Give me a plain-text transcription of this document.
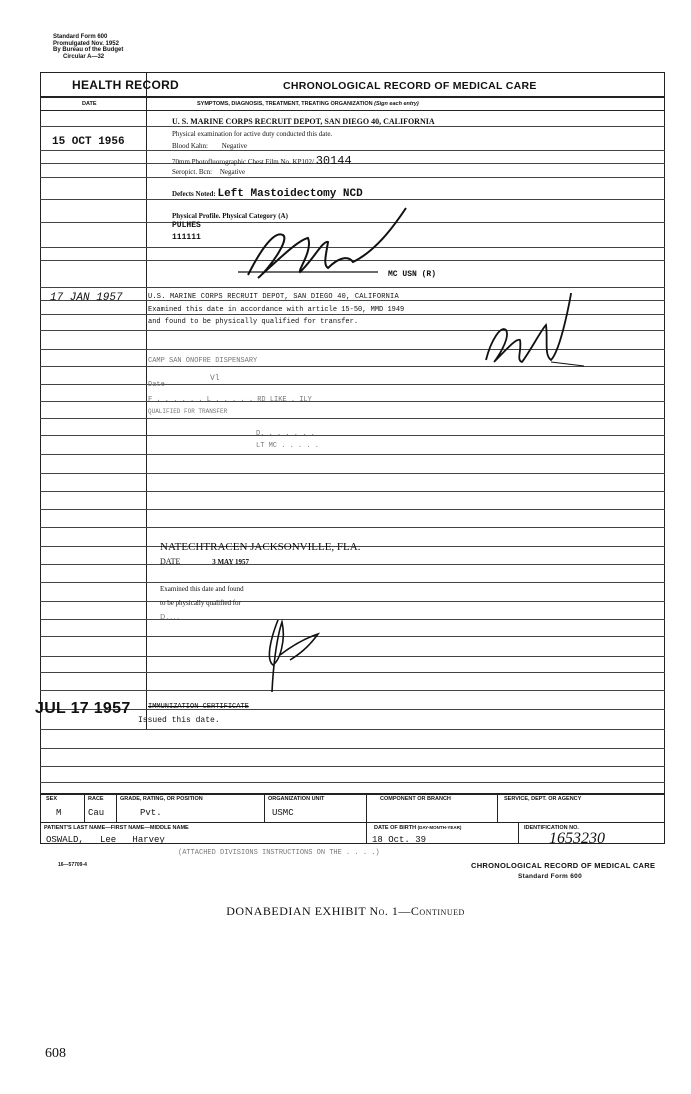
Standard Form 600
Promulgated Nov. 1952
By Bureau of the Budget
Circular A—32
HEALTH RECORD	CHRONOLOGICAL RECORD OF MEDICAL CARE
DATE	SYMPTOMS, DIAGNOSIS, TREATMENT, TREATING ORGANIZATION (Sign each entry)
15 OCT 1956
U. S. MARINE CORPS RECRUIT DEPOT, SAN DIEGO 40, CALIFORNIA
Physical examination for active duty conducted this date.
Blood Kahn: Negative
70mm Photofluorographic Chest Film No. KP102/ 30144
Seropict. Bcn: Negative
Defects Noted: Left Mastoidectomy NCD
Physical Profile. Physical Category (A)
PULHES
111111
MC USN (R)
17 JAN 1957	U.S. MARINE CORPS RECRUIT DEPOT, SAN DIEGO 40, CALIFORNIA
Examined this date in accordance with article 15-50, MMD 1949
and found to be physically qualified for transfer.
CAMP SAN ONOFRE DISPENSARY
Date
Vl
F . . . . . . L . . . . . RD LIKE . ILY
QUALIFIED FOR TRANSFER
D. . . . . . .
LT MC . . . . .
NATECHTRACEN JACKSONVILLE, FLA.
DATE	3 MAY 1957
Examined this date and found
to be physically qualified for
D . . . .
JUL 17 1957 IMMUNIZATION CERTIFICATE
Issued this date.
SEX
M
RACE
Cau
GRADE, RATING, OR POSITION
Pvt.
ORGANIZATION UNIT
USMC
COMPONENT OR BRANCH	SERVICE, DEPT. OR AGENCY
PATIENT'S LAST NAME—FIRST NAME—MIDDLE NAME
OSWALD,   Lee   Harvey
DATE OF BIRTH (DAY-MONTH-YEAR)
18 Oct. 39
IDENTIFICATION NO.
1653230
(ATTACHED DIVISIONS INSTRUCTIONS ON THE . . . .)
16—57709-4	CHRONOLOGICAL RECORD OF MEDICAL CARE
Standard Form 600
DONABEDIAN EXHIBIT No. 1—Continued
608
